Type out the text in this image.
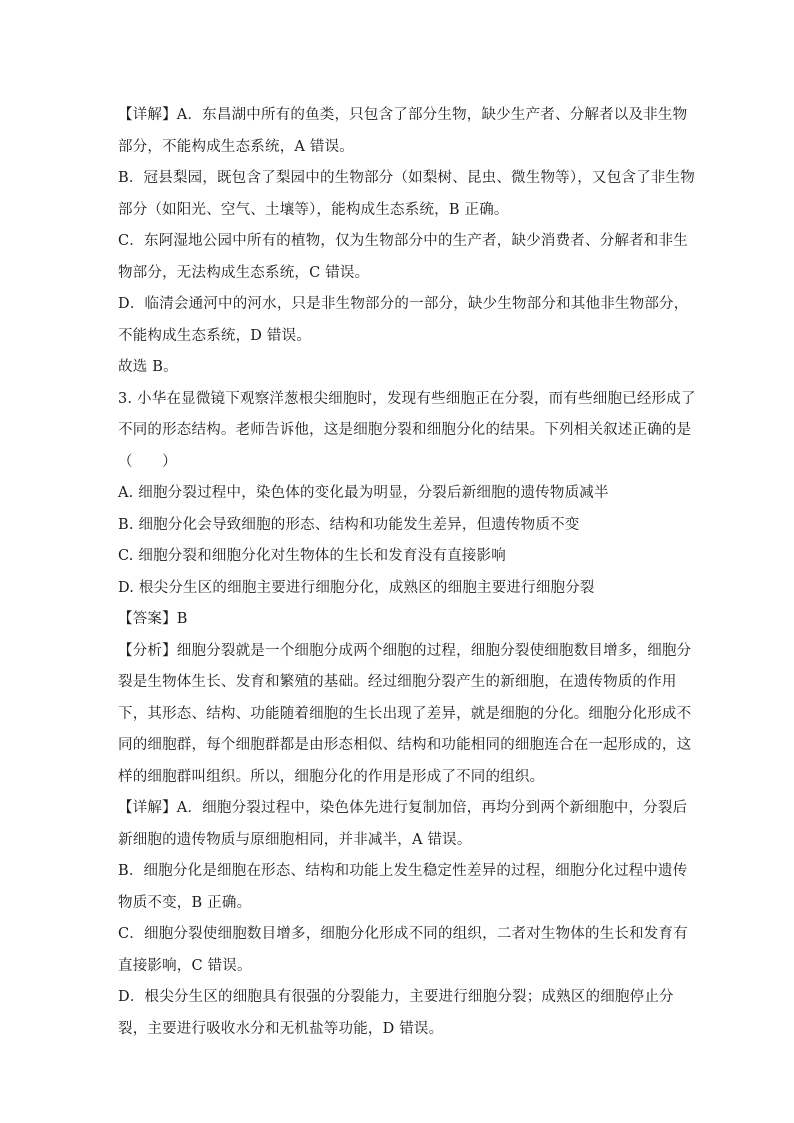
【详解】A．东昌湖中所有的鱼类，只包含了部分生物，缺少生产者、分解者以及非生物
部分，不能构成生态系统，A 错误。
B．冠县梨园，既包含了梨园中的生物部分（如梨树、昆虫、微生物等），又包含了非生物
部分（如阳光、空气、土壤等），能构成生态系统，B 正确。
C．东阿湿地公园中所有的植物，仅为生物部分中的生产者，缺少消费者、分解者和非生
物部分，无法构成生态系统，C 错误。
D．临清会通河中的河水，只是非生物部分的一部分，缺少生物部分和其他非生物部分，
不能构成生态系统，D 错误。
故选 B。
3. 小华在显微镜下观察洋葱根尖细胞时，发现有些细胞正在分裂，而有些细胞已经形成了
不同的形态结构。老师告诉他，这是细胞分裂和细胞分化的结果。下列相关叙述正确的是
（　　）
A. 细胞分裂过程中，染色体的变化最为明显，分裂后新细胞的遗传物质减半
B. 细胞分化会导致细胞的形态、结构和功能发生差异，但遗传物质不变
C. 细胞分裂和细胞分化对生物体的生长和发育没有直接影响
D. 根尖分生区的细胞主要进行细胞分化，成熟区的细胞主要进行细胞分裂
【答案】B
【分析】细胞分裂就是一个细胞分成两个细胞的过程，细胞分裂使细胞数目增多，细胞分
裂是生物体生长、发育和繁殖的基础。经过细胞分裂产生的新细胞，在遗传物质的作用
下，其形态、结构、功能随着细胞的生长出现了差异，就是细胞的分化。细胞分化形成不
同的细胞群，每个细胞群都是由形态相似、结构和功能相同的细胞连合在一起形成的，这
样的细胞群叫组织。所以，细胞分化的作用是形成了不同的组织。
【详解】A．细胞分裂过程中，染色体先进行复制加倍，再均分到两个新细胞中，分裂后
新细胞的遗传物质与原细胞相同，并非减半，A 错误。
B．细胞分化是细胞在形态、结构和功能上发生稳定性差异的过程，细胞分化过程中遗传
物质不变，B 正确。
C．细胞分裂使细胞数目增多，细胞分化形成不同的组织，二者对生物体的生长和发育有
直接影响，C 错误。
D．根尖分生区的细胞具有很强的分裂能力，主要进行细胞分裂；成熟区的细胞停止分
裂，主要进行吸收水分和无机盐等功能，D 错误。
